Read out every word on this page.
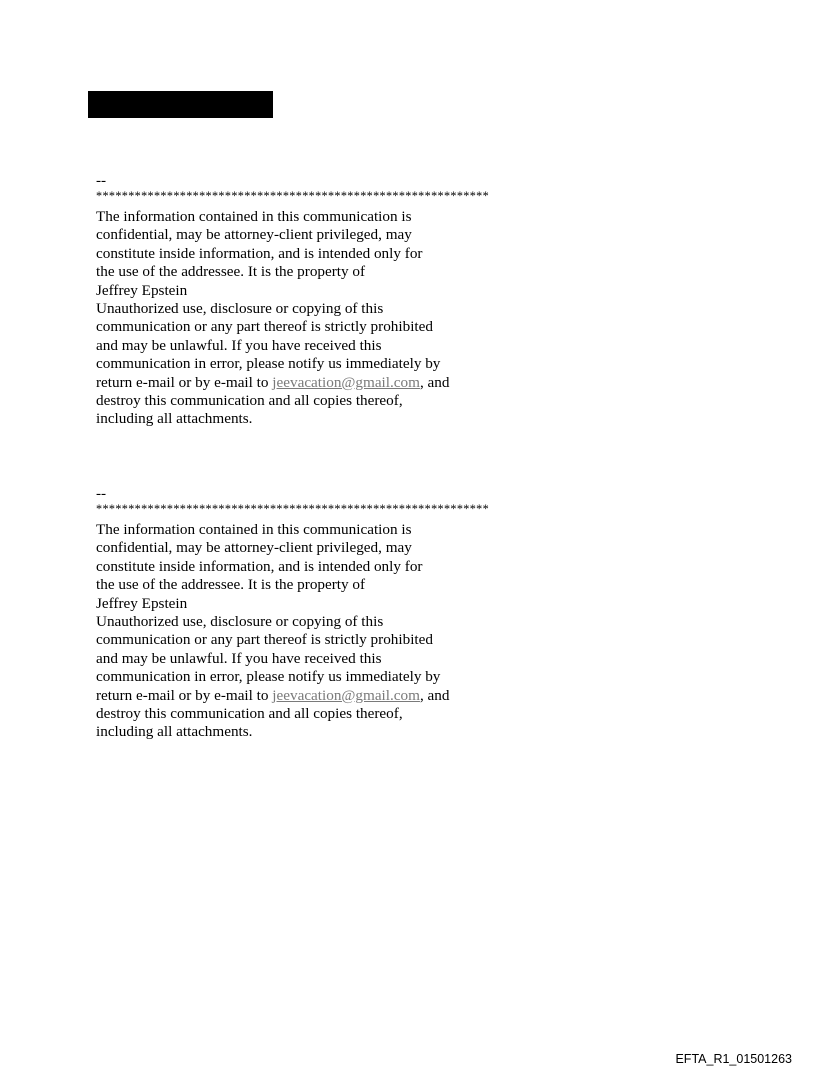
--
*************************************************************
The information contained in this communication is
confidential, may be attorney-client privileged, may
constitute inside information, and is intended only for
the use of the addressee. It is the property of
Jeffrey Epstein
Unauthorized use, disclosure or copying of this
communication or any part thereof is strictly prohibited
and may be unlawful. If you have received this
communication in error, please notify us immediately by
return e-mail or by e-mail to jeevacation@gmail.com, and
destroy this communication and all copies thereof,
including all attachments.
--
*************************************************************
The information contained in this communication is
confidential, may be attorney-client privileged, may
constitute inside information, and is intended only for
the use of the addressee. It is the property of
Jeffrey Epstein
Unauthorized use, disclosure or copying of this
communication or any part thereof is strictly prohibited
and may be unlawful. If you have received this
communication in error, please notify us immediately by
return e-mail or by e-mail to jeevacation@gmail.com, and
destroy this communication and all copies thereof,
including all attachments.
EFTA_R1_01501263
